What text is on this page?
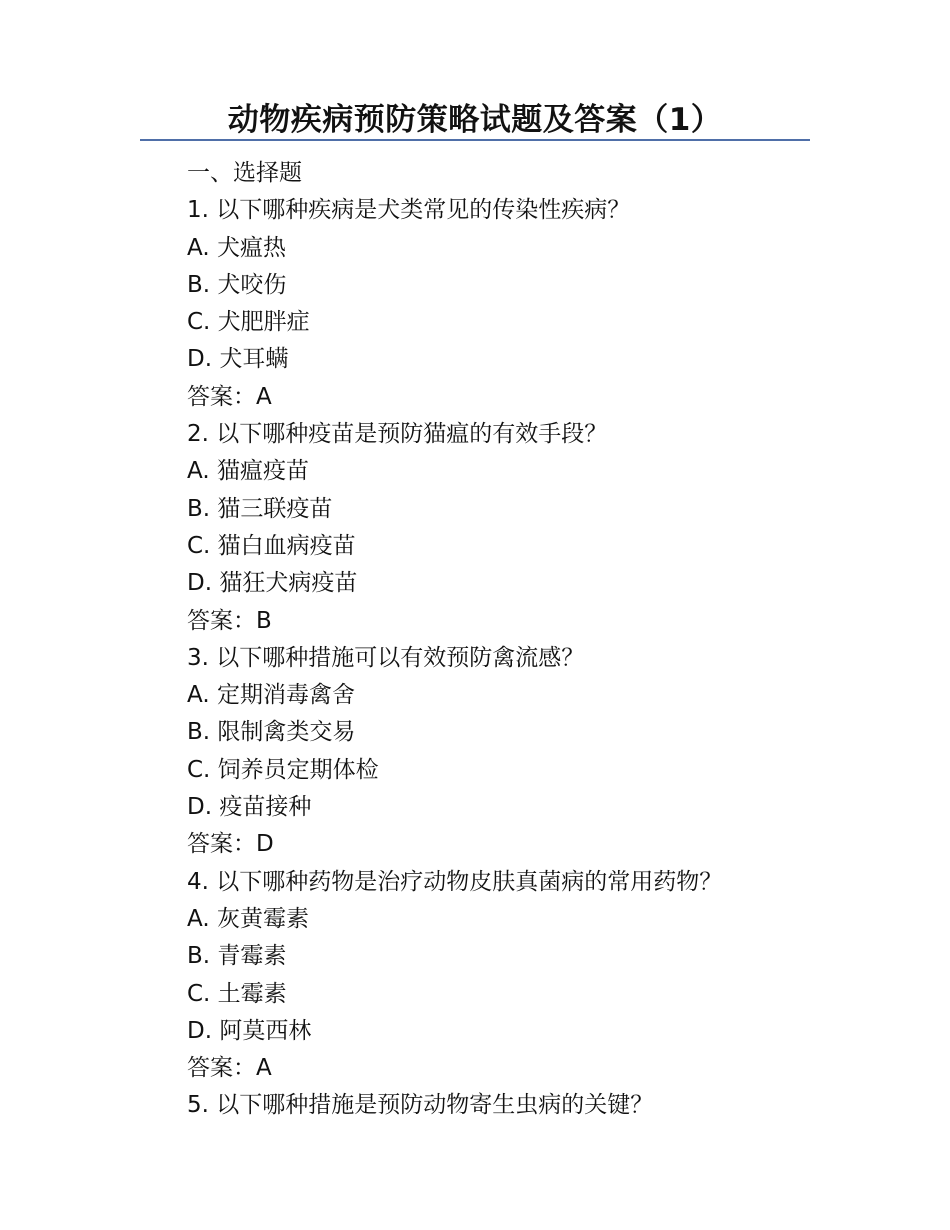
动物疾病预防策略试题及答案（1）
一、选择题
1. 以下哪种疾病是犬类常见的传染性疾病？
A. 犬瘟热
B. 犬咬伤
C. 犬肥胖症
D. 犬耳螨
答案：A
2. 以下哪种疫苗是预防猫瘟的有效手段？
A. 猫瘟疫苗
B. 猫三联疫苗
C. 猫白血病疫苗
D. 猫狂犬病疫苗
答案：B
3. 以下哪种措施可以有效预防禽流感？
A. 定期消毒禽舍
B. 限制禽类交易
C. 饲养员定期体检
D. 疫苗接种
答案：D
4. 以下哪种药物是治疗动物皮肤真菌病的常用药物？
A. 灰黄霉素
B. 青霉素
C. 土霉素
D. 阿莫西林
答案：A
5. 以下哪种措施是预防动物寄生虫病的关键？
